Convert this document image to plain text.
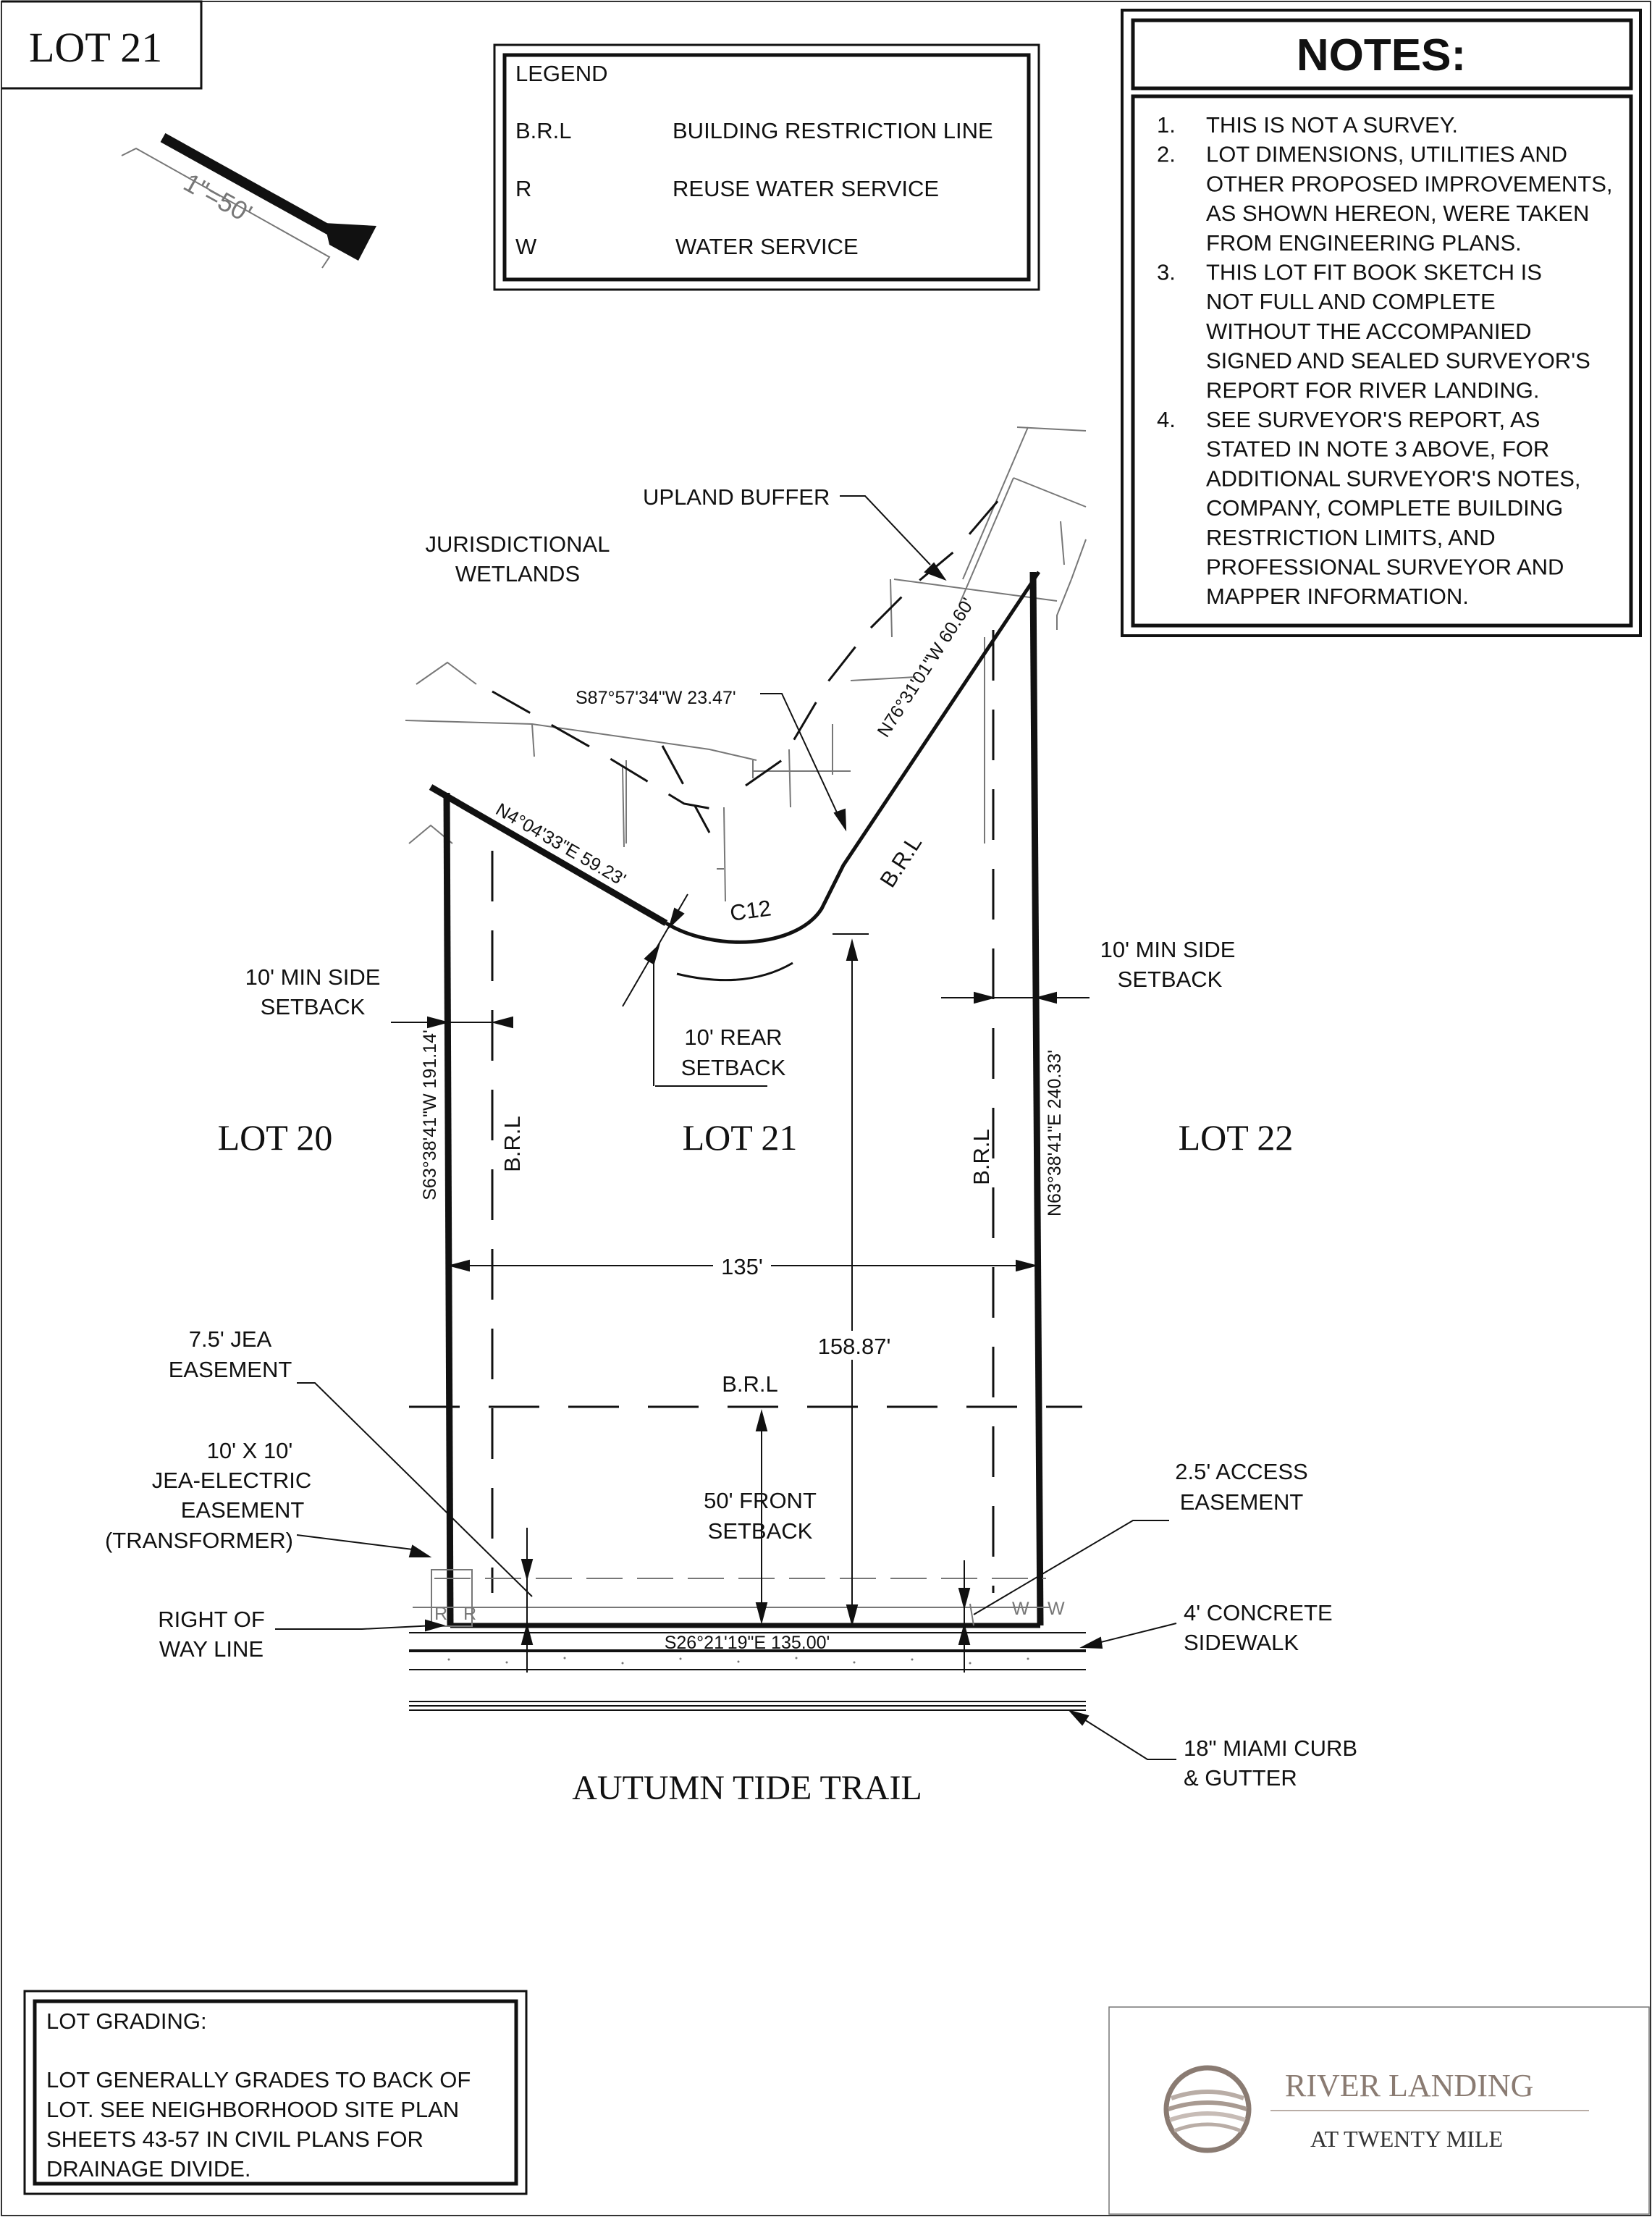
LOT 21
1"=50'
LEGEND
B.R.L	BUILDING RESTRICTION LINE
R	REUSE WATER SERVICE
W	WATER SERVICE
NOTES:
1. THIS IS NOT A SURVEY.
2. LOT DIMENSIONS, UTILITIES AND
OTHER PROPOSED IMPROVEMENTS,
AS SHOWN HEREON, WERE TAKEN
FROM ENGINEERING PLANS.
3. THIS LOT FIT BOOK SKETCH IS
NOT FULL AND COMPLETE
WITHOUT THE ACCOMPANIED
SIGNED AND SEALED SURVEYOR'S
REPORT FOR RIVER LANDING.
4. SEE SURVEYOR'S REPORT, AS
STATED IN NOTE 3 ABOVE, FOR
ADDITIONAL SURVEYOR'S NOTES,
COMPANY, COMPLETE BUILDING
RESTRICTION LIMITS, AND
PROFESSIONAL SURVEYOR AND
MAPPER INFORMATION.
UPLAND BUFFER
JURISDICTIONAL
WETLANDS
S87°57'34"W 23.47'	N76°31'01"W 60.60'
N4°04'33"E 59.23'
C12
B.R.L
10' MIN SIDE
SETBACK
10' MIN SIDE
SETBACK
10' REAR
SETBACK
LOT 20	LOT 21	LOT 22
B.R.L	B.R.L
B.R.L
S63°38'41"W 191.14'	N63°38'41"E 240.33'
135'
158.87'
7.5' JEA
EASEMENT
10' X 10'
JEA-ELECTRIC
EASEMENT
(TRANSFORMER)
50' FRONT
SETBACK
2.5' ACCESS
EASEMENT
RIGHT OF
WAY LINE	S26°21'19"E 135.00'
4' CONCRETE
SIDEWALK
18" MIAMI CURB
& GUTTER
AUTUMN TIDE TRAIL
R R	W W
LOT GRADING:
LOT GENERALLY GRADES TO BACK OF
LOT. SEE NEIGHBORHOOD SITE PLAN
SHEETS 43-57 IN CIVIL PLANS FOR
DRAINAGE DIVIDE.
RIVER LANDING
AT TWENTY MILE
